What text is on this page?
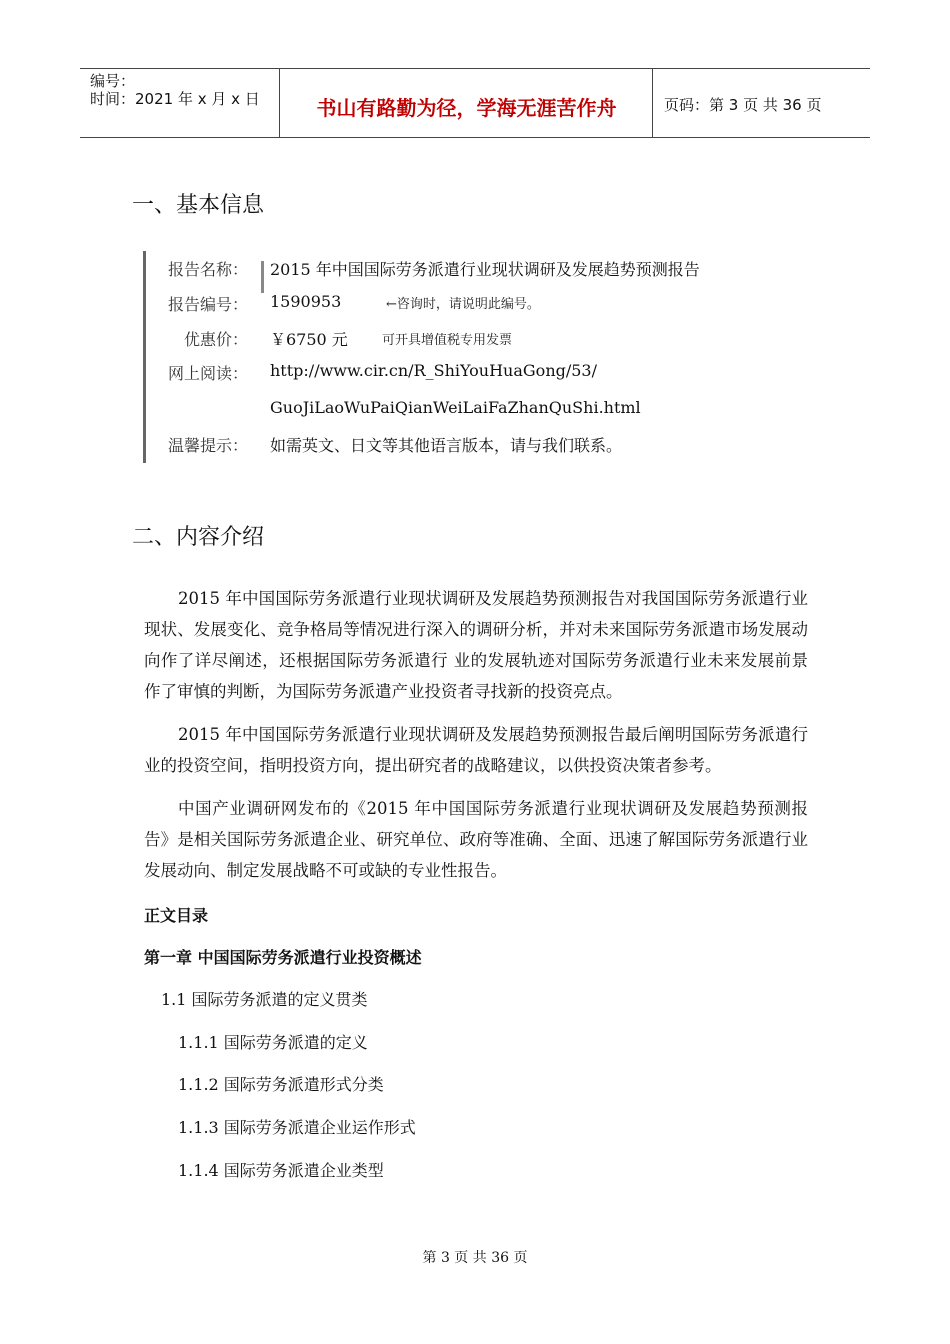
编号：
时间：2021 年 x 月 x 日	书山有路勤为径，学海无涯苦作舟	页码：第 3 页 共 36 页
一、基本信息
报告名称： 2015 年中国国际劳务派遣行业现状调研及发展趋势预测报告
报告编号： 1590953	←咨询时，请说明此编号。
优惠价： ￥6750 元	可开具增值税专用发票
网上阅读： http://www.cir.cn/R_ShiYouHuaGong/53/
GuoJiLaoWuPaiQianWeiLaiFaZhanQuShi.html
温馨提示： 如需英文、日文等其他语言版本，请与我们联系。
二、内容介绍
2015 年中国国际劳务派遣行业现状调研及发展趋势预测报告对我国国际劳务派遣行业现状、发展变化、竞争格局等情况进行深入的调研分析，并对未来国际劳务派遣市场发展动向作了详尽阐述，还根据国际劳务派遣行 业的发展轨迹对国际劳务派遣行业未来发展前景作了审慎的判断，为国际劳务派遣产业投资者寻找新的投资亮点。
2015 年中国国际劳务派遣行业现状调研及发展趋势预测报告最后阐明国际劳务派遣行业的投资空间，指明投资方向，提出研究者的战略建议，以供投资决策者参考。
中国产业调研网发布的《2015 年中国国际劳务派遣行业现状调研及发展趋势预测报告》是相关国际劳务派遣企业、研究单位、政府等准确、全面、迅速了解国际劳务派遣行业发展动向、制定发展战略不可或缺的专业性报告。
正文目录
第一章 中国国际劳务派遣行业投资概述
1.1 国际劳务派遣的定义贯类
1.1.1 国际劳务派遣的定义
1.1.2 国际劳务派遣形式分类
1.1.3 国际劳务派遣企业运作形式
1.1.4 国际劳务派遣企业类型
第 3 页 共 36 页
